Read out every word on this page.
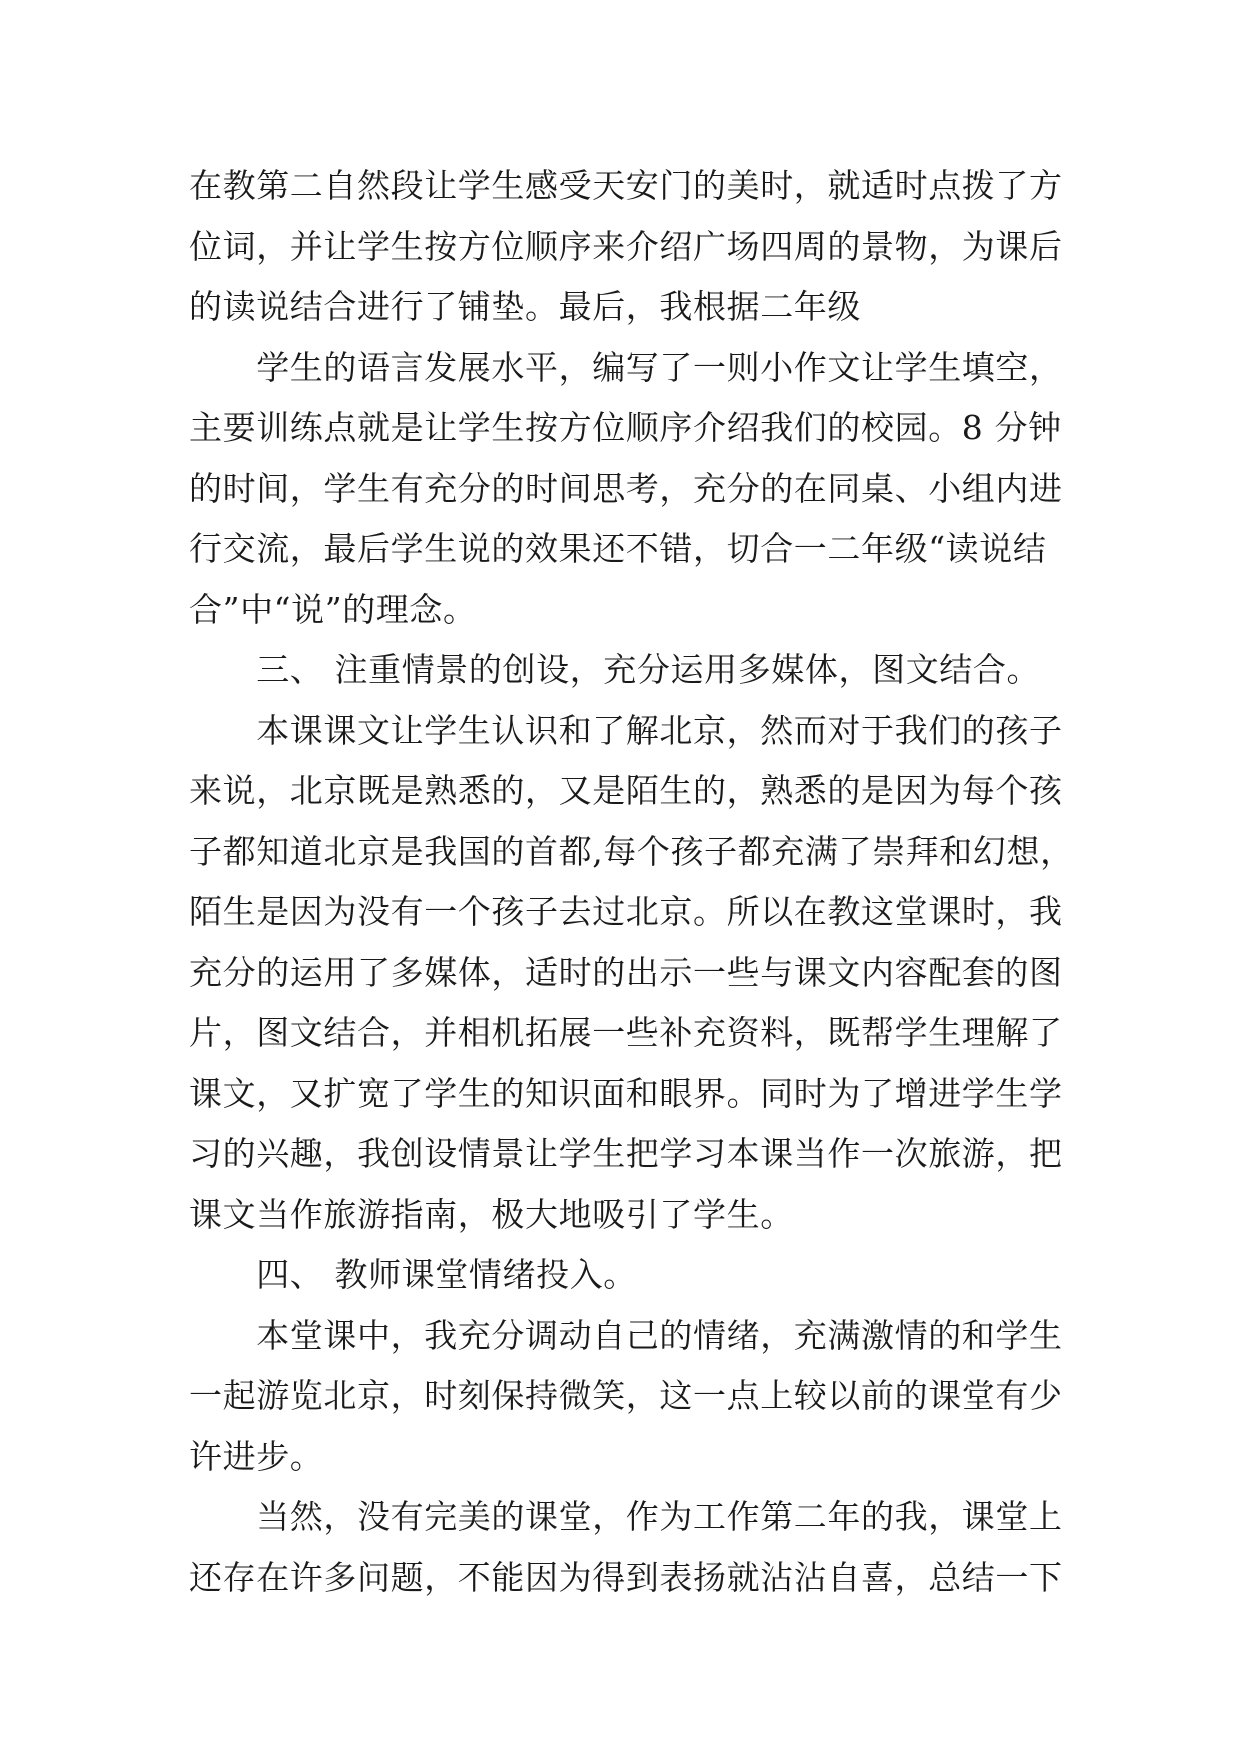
在教第二自然段让学生感受天安门的美时，就适时点拨了方
位词，并让学生按方位顺序来介绍广场四周的景物，为课后
的读说结合进行了铺垫。最后，我根据二年级
　　学生的语言发展水平，编写了一则小作文让学生填空，
主要训练点就是让学生按方位顺序介绍我们的校园。8 分钟
的时间，学生有充分的时间思考，充分的在同桌、小组内进
行交流，最后学生说的效果还不错，切合一二年级“读说结
合”中“说”的理念。
　　三、 注重情景的创设，充分运用多媒体，图文结合。
　　本课课文让学生认识和了解北京，然而对于我们的孩子
来说，北京既是熟悉的，又是陌生的，熟悉的是因为每个孩
子都知道北京是我国的首都,每个孩子都充满了崇拜和幻想，
陌生是因为没有一个孩子去过北京。所以在教这堂课时，我
充分的运用了多媒体，适时的出示一些与课文内容配套的图
片，图文结合，并相机拓展一些补充资料，既帮学生理解了
课文，又扩宽了学生的知识面和眼界。同时为了增进学生学
习的兴趣，我创设情景让学生把学习本课当作一次旅游，把
课文当作旅游指南，极大地吸引了学生。
　　四、 教师课堂情绪投入。
　　本堂课中，我充分调动自己的情绪，充满激情的和学生
一起游览北京，时刻保持微笑，这一点上较以前的课堂有少
许进步。
　　当然，没有完美的课堂，作为工作第二年的我，课堂上
还存在许多问题，不能因为得到表扬就沾沾自喜，总结一下
